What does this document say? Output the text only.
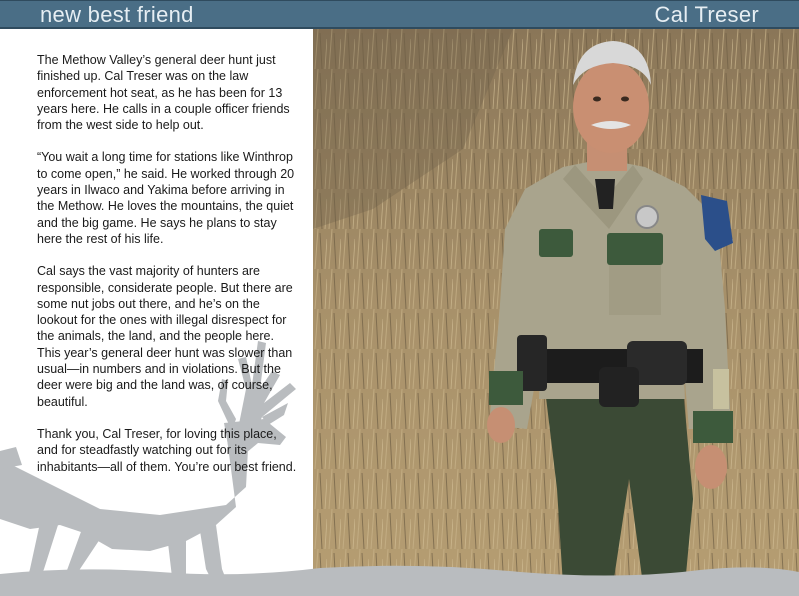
new best friend	Cal Treser

The Methow Valley’s general deer hunt just finished up. Cal Treser was on the law enforcement hot seat, as he has been for 13 years here. He calls in a couple officer friends from the west side to help out.

“You wait a long time for stations like Winthrop to come open,” he said. He worked through 20 years in Ilwaco and Yakima before arriving in the Methow. He loves the mountains, the quiet and the big game. He says he plans to stay here the rest of his life.

Cal says the vast majority of hunters are responsible, considerate people. But there are some nut jobs out there, and he’s on the lookout for the ones with illegal disrespect for the animals, the land, and the people here. This year’s general deer hunt was slower than usual—in numbers and in violations. But the deer were big and the land was, of course, beautiful.

Thank you, Cal Treser, for loving this place, and for steadfastly watching out for its inhabitants—all of them. You’re our best friend.
